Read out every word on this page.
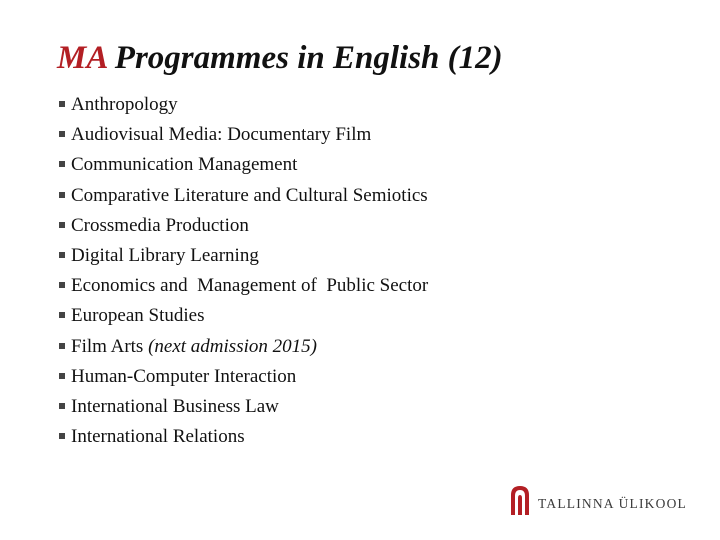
MA Programmes in English (12)
Anthropology
Audiovisual Media: Documentary Film
Communication Management
Comparative Literature and Cultural Semiotics
Crossmedia Production
Digital Library Learning
Economics and  Management of  Public Sector
European Studies
Film Arts (next admission 2015)
Human-Computer Interaction
International Business Law
International Relations
TALLINNA ÜLIKOOL
